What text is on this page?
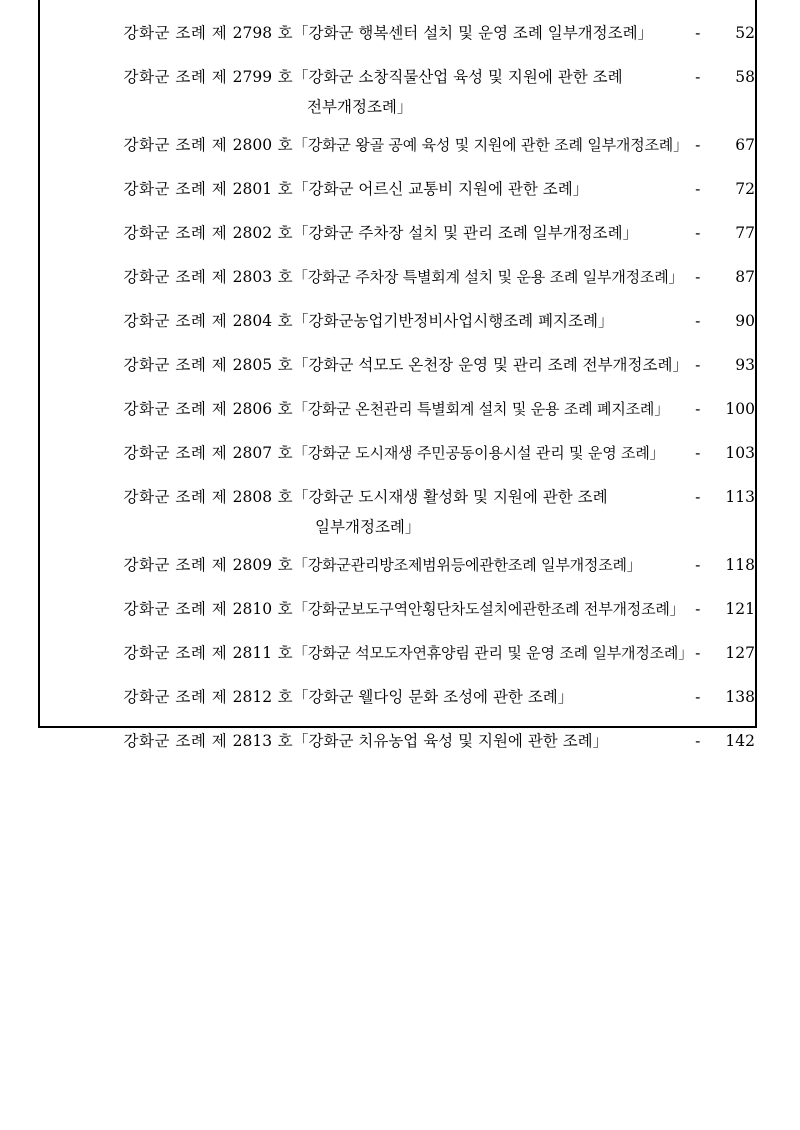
강화군 조례 제 2798 호	「강화군 행복센터 설치 및 운영 조례 일부개정조례」	-	52
강화군 조례 제 2799 호	「강화군 소창직물산업 육성 및 지원에 관한 조례
전부개정조례」	-	58
강화군 조례 제 2800 호	「강화군 왕골 공예 육성 및 지원에 관한 조례 일부개정조례」	-	67
강화군 조례 제 2801 호	「강화군 어르신 교통비 지원에 관한 조례」	-	72
강화군 조례 제 2802 호	「강화군 주차장 설치 및 관리 조례 일부개정조례」	-	77
강화군 조례 제 2803 호	「강화군 주차장 특별회계 설치 및 운용 조례 일부개정조례」	-	87
강화군 조례 제 2804 호	「강화군농업기반정비사업시행조례 폐지조례」	-	90
강화군 조례 제 2805 호	「강화군 석모도 온천장 운영 및 관리 조례 전부개정조례」	-	93
강화군 조례 제 2806 호	「강화군 온천관리 특별회계 설치 및 운용 조례 폐지조례」	-	100
강화군 조례 제 2807 호	「강화군 도시재생 주민공동이용시설 관리 및 운영 조례」	-	103
강화군 조례 제 2808 호	「강화군 도시재생 활성화 및 지원에 관한 조례
일부개정조례」	-	113
강화군 조례 제 2809 호	「강화군관리방조제범위등에관한조례 일부개정조례」	-	118
강화군 조례 제 2810 호	「강화군보도구역안횡단차도설치에관한조례 전부개정조례」	-	121
강화군 조례 제 2811 호	「강화군 석모도자연휴양림 관리 및 운영 조례 일부개정조례」	-	127
강화군 조례 제 2812 호	「강화군 웰다잉 문화 조성에 관한 조례」	-	138
강화군 조례 제 2813 호	「강화군 치유농업 육성 및 지원에 관한 조례」	-	142
